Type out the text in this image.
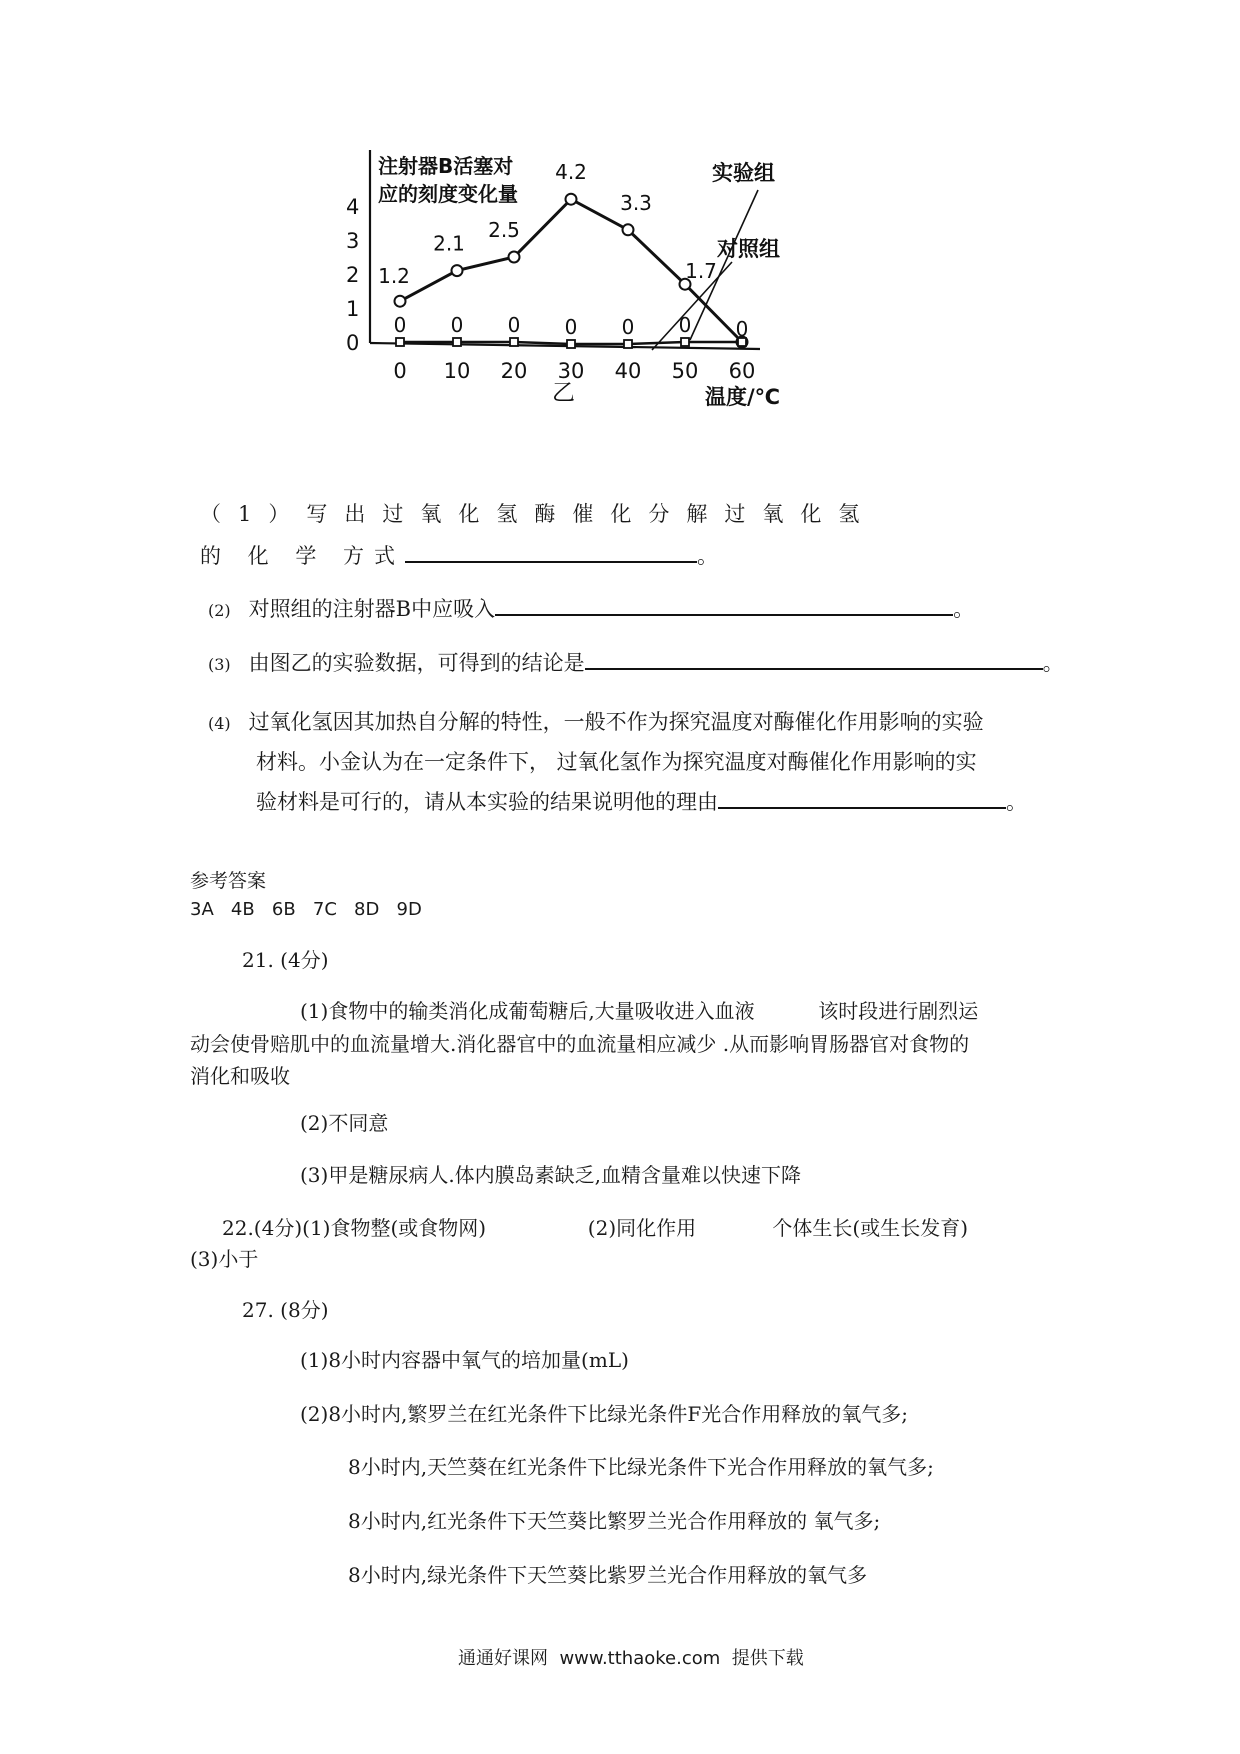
0
1
2
3
4
0 10 20 30 40 50 60
注射器B活塞对
应的刻度变化量
温度/℃
乙
1.2
2.1
2.5
4.2
3.3
1.7
0
0 0 0 0 0 0
实验组
对照组
（1）写出过氧化氢酶催化分解过氧化氢
的 化 学 方式	。
(2) 对照组的注射器B中应吸入	。
(3) 由图乙的实验数据，可得到的结论是	。
(4) 过氧化氢因其加热自分解的特性，一般不作为探究温度对酶催化作用影响的实验
材料。小金认为在一定条件下， 过氧化氢作为探究温度对酶催化作用影响的实
验材料是可行的，请从本实验的结果说明他的理由	。
参考答案
3A   4B   6B   7C   8D   9D
21. (4分)
(1)食物中的输类消化成葡萄糖后,大量吸收进入血液          该时段进行剧烈运
动会使骨赔肌中的血流量增大.消化器官中的血流量相应减少 .从而影响胃肠器官对食物的
消化和吸收
(2)不同意
(3)甲是糖尿病人.体内膜岛素缺乏,血精含量难以快速下降
22.(4分)(1)食物整(或食物网)                (2)同化作用            个体生长(或生长发育)
(3)小于
27. (8分)
(1)8小时内容器中氧气的培加量(mL)
(2)8小时内,繁罗兰在红光条件下比绿光条件F光合作用释放的氧气多;
8小时内,天竺葵在红光条件下比绿光条件下光合作用释放的氧气多;
8小时内,红光条件下天竺葵比繁罗兰光合作用释放的 氧气多;
8小时内,绿光条件下天竺葵比紫罗兰光合作用释放的氧气多
通通好课网  www.tthaoke.com  提供下载
